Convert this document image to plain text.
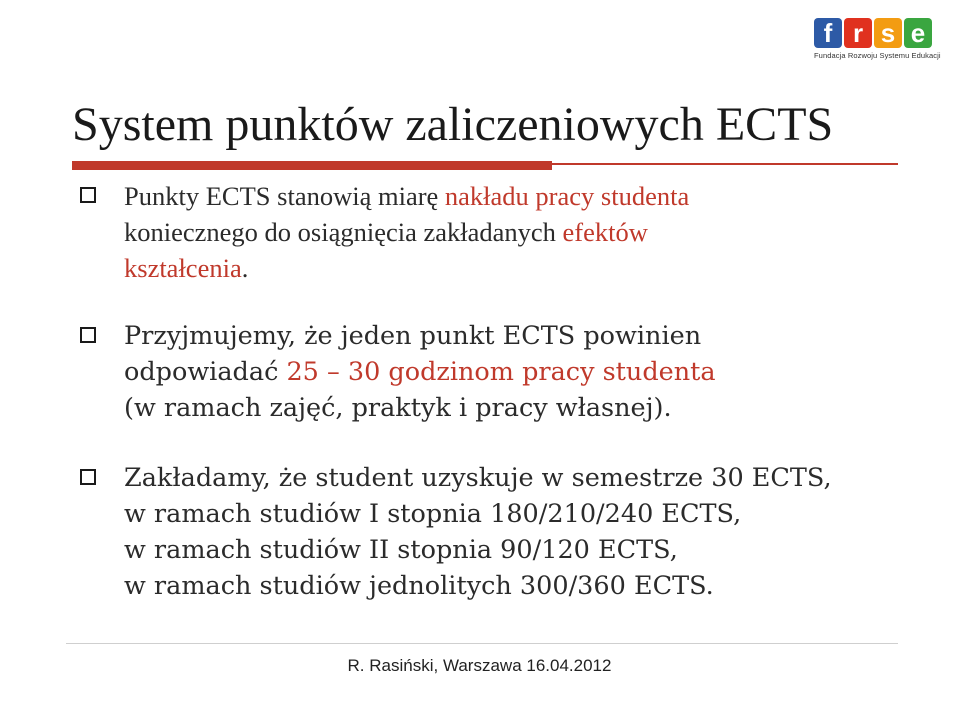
f r s e
Fundacja Rozwoju Systemu Edukacji
System punktów zaliczeniowych ECTS
Punkty ECTS stanowią miarę nakładu pracy studenta
koniecznego do osiągnięcia zakładanych efektów
kształcenia.
Przyjmujemy, że jeden punkt ECTS powinien
odpowiadać 25 – 30 godzinom pracy studenta
(w ramach zajęć, praktyk i pracy własnej).
Zakładamy, że student uzyskuje w semestrze 30 ECTS,
w ramach studiów I stopnia 180/210/240 ECTS,
w ramach studiów II stopnia 90/120 ECTS,
w ramach studiów jednolitych 300/360 ECTS.
R. Rasiński, Warszawa 16.04.2012
